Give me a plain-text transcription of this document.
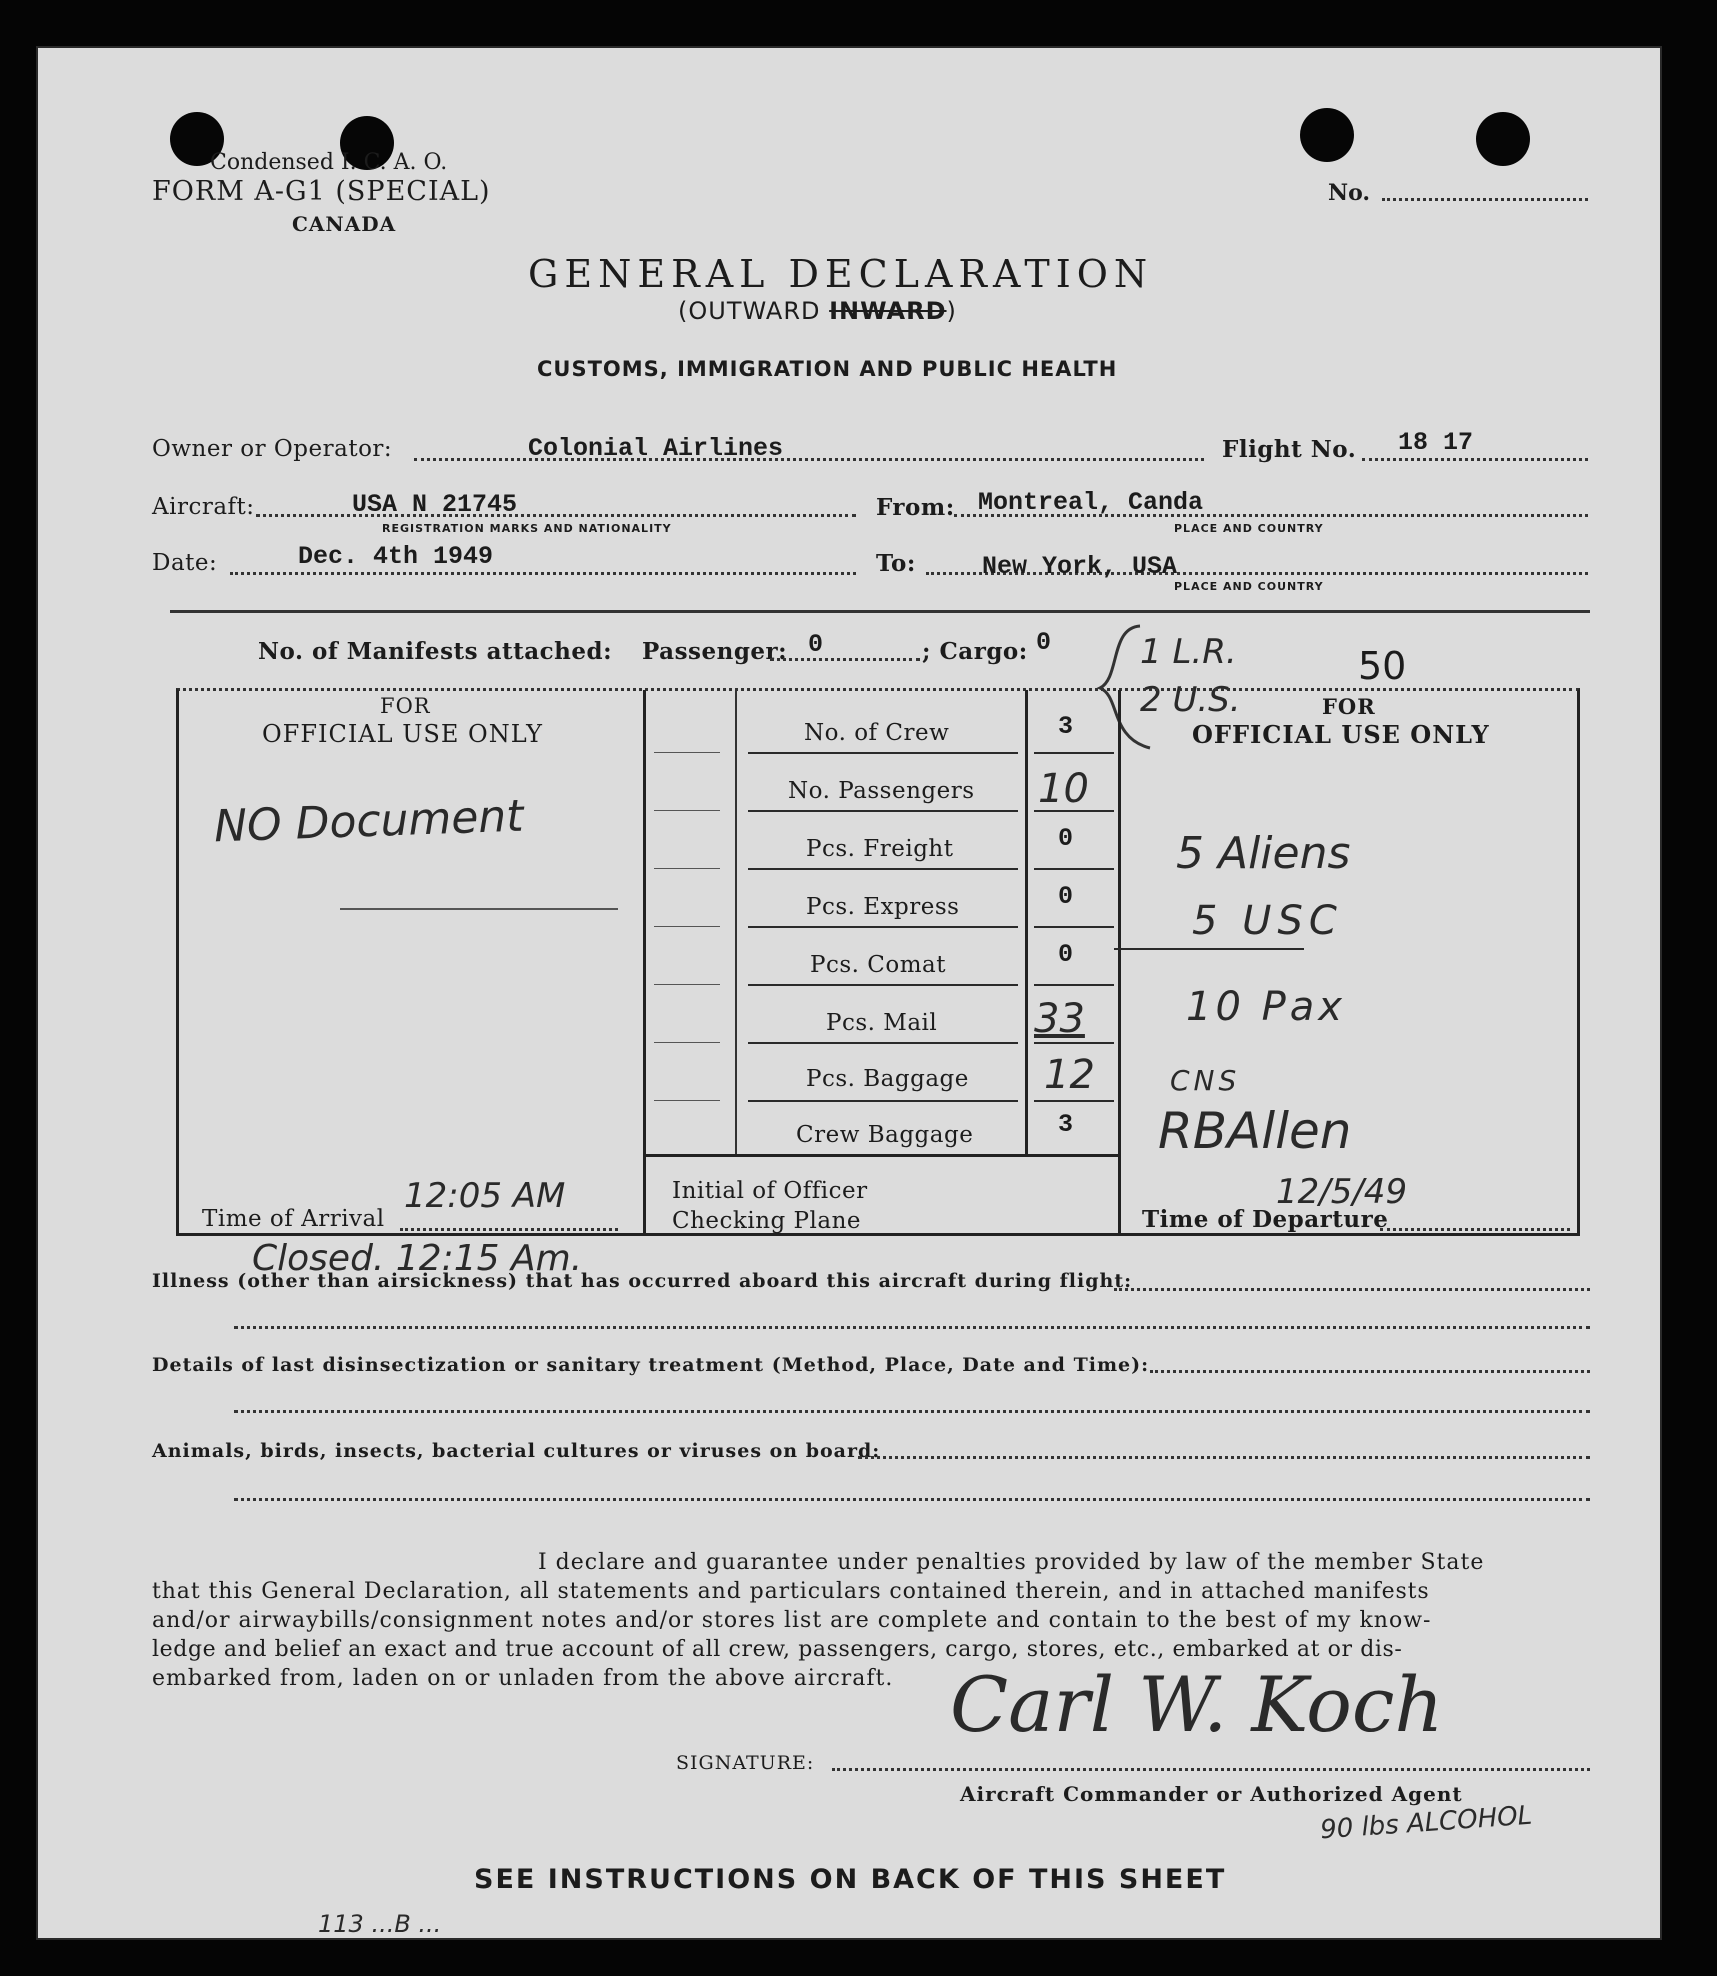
Condensed I. C. A. O.
FORM A-G1 (SPECIAL)
CANADA
No.
GENERAL DECLARATION
(OUTWARD INWARD)
CUSTOMS, IMMIGRATION AND PUBLIC HEALTH
Owner or Operator:	Colonial Airlines	Flight No. 18 17
Aircraft:	USA N 21745
REGISTRATION MARKS AND NATIONALITY
From: Montreal, Canda
PLACE AND COUNTRY
Date:	Dec. 4th 1949	To:	New York, USA
PLACE AND COUNTRY
No. of Manifests attached: Passenger: 0	; Cargo: 0	1 L.R.
2 U.S.
50
FOR
OFFICIAL USE ONLY
FOR
OFFICIAL USE ONLY
No. of Crew	3
No. Passengers 10
Pcs. Freight	0
Pcs. Express	0
Pcs. Comat	0
Pcs. Mail 33
Pcs. Baggage 12
Crew Baggage	3
NO Document
5 Aliens
5 USC
10 Pax
CNS
RBAllen
12/5/49
Time of Arrival
12:05 AM	Initial of Officer
Checking Plane	Time of Departure
Closed. 12:15 Am.
Illness (other than airsickness) that has occurred aboard this aircraft during flight:
Details of last disinsectization or sanitary treatment (Method, Place, Date and Time):
Animals, birds, insects, bacterial cultures or viruses on board:
I declare and guarantee under penalties provided by law of the member State
that this General Declaration, all statements and particulars contained therein, and in attached manifests
and/or airwaybills/consignment notes and/or stores list are complete and contain to the best of my know-
ledge and belief an exact and true account of all crew, passengers, cargo, stores, etc., embarked at or dis-
embarked from, laden on or unladen from the above aircraft. Carl W. Koch
SIGNATURE:
Aircraft Commander or Authorized Agent
90 lbs ALCOHOL
SEE INSTRUCTIONS ON BACK OF THIS SHEET
113 ...B ...
